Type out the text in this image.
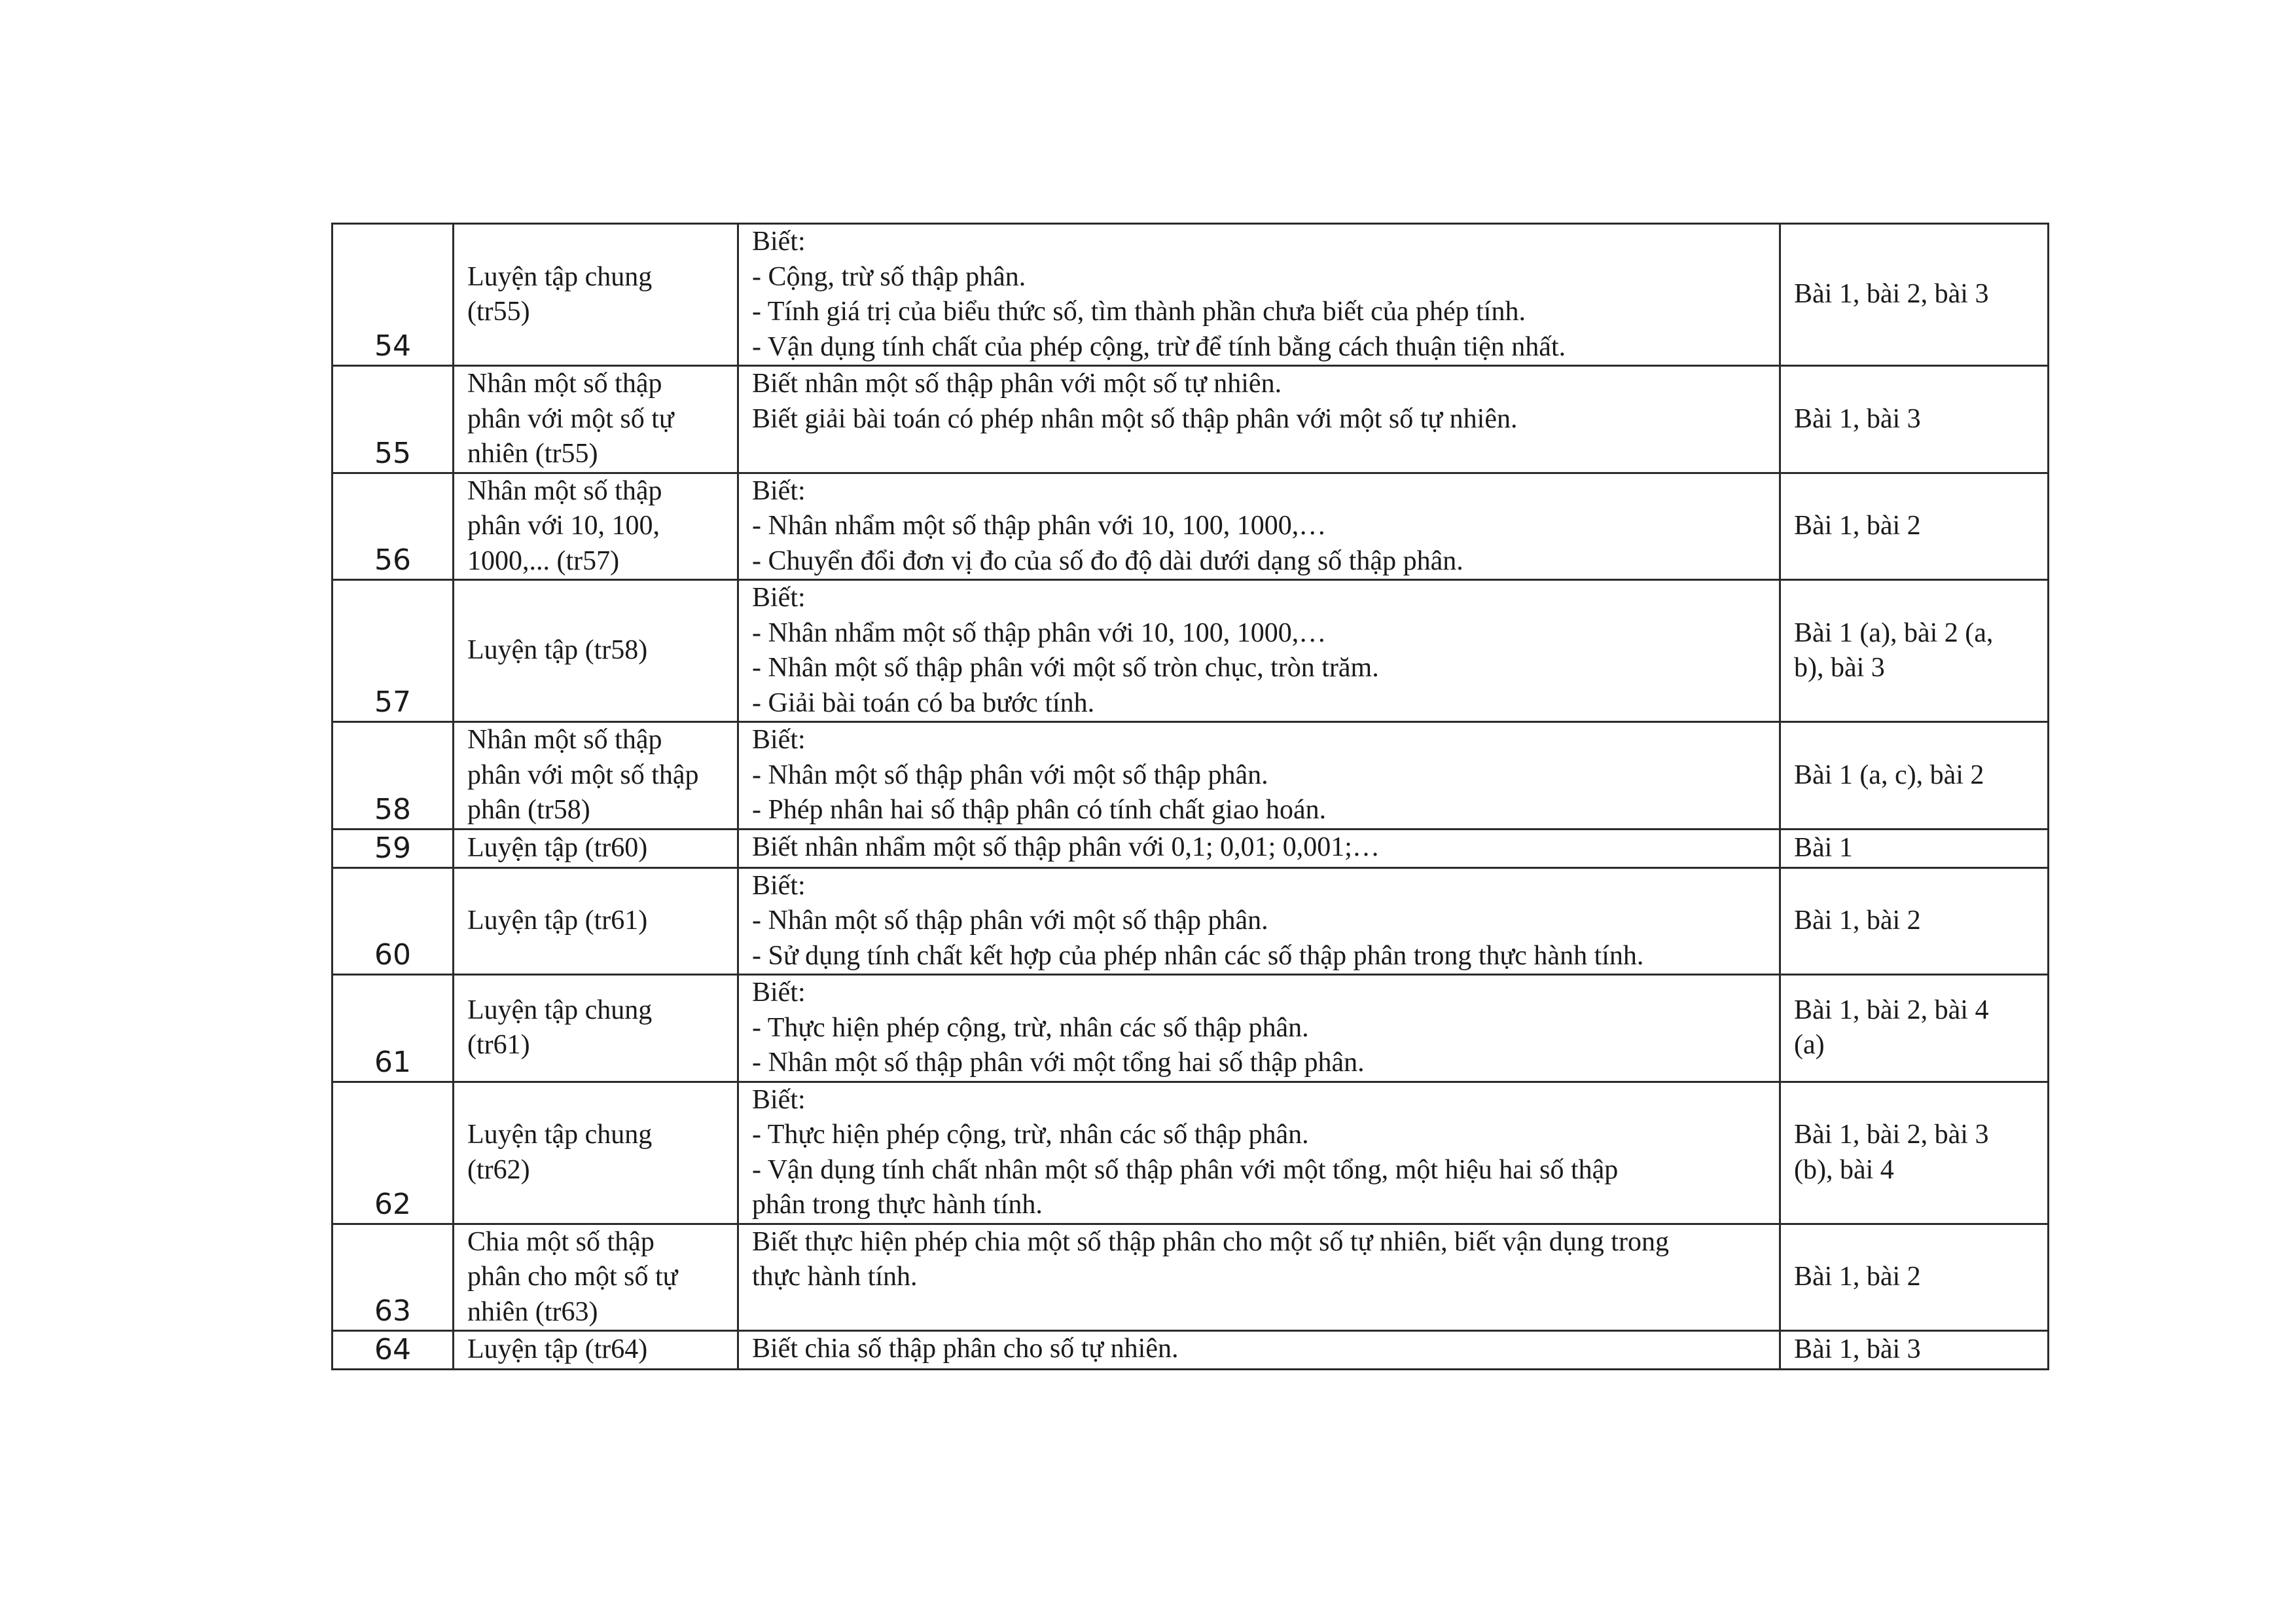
54	Luyện tập chung
(tr55)	Biết:
- Cộng, trừ số thập phân.
- Tính giá trị của biểu thức số, tìm thành phần chưa biết của phép tính.
- Vận dụng tính chất của phép cộng, trừ để tính bằng cách thuận tiện nhất.	Bài 1, bài 2, bài 3

55	Nhân một số thập
phân với một số tự
nhiên (tr55)	Biết nhân một số thập phân với một số tự nhiên.
Biết giải bài toán có phép nhân một số thập phân với một số tự nhiên.	Bài 1, bài 3

56	Nhân một số thập
phân với 10, 100,
1000,... (tr57)	Biết:
- Nhân nhẩm một số thập phân với 10, 100, 1000,…
- Chuyển đổi đơn vị đo của số đo độ dài dưới dạng số thập phân.	Bài 1, bài 2

57	Luyện tập (tr58)	Biết:
- Nhân nhẩm một số thập phân với 10, 100, 1000,…
- Nhân một số thập phân với một số tròn chục, tròn trăm.
- Giải bài toán có ba bước tính.	Bài 1 (a), bài 2 (a,
b), bài 3

58	Nhân một số thập
phân với một số thập
phân (tr58)	Biết:
- Nhân một số thập phân với một số thập phân.
- Phép nhân hai số thập phân có tính chất giao hoán.	Bài 1 (a, c), bài 2

59	Luyện tập (tr60)	Biết nhân nhẩm một số thập phân với 0,1; 0,01; 0,001;…	Bài 1

60	Luyện tập (tr61)	Biết:
- Nhân một số thập phân với một số thập phân.
- Sử dụng tính chất kết hợp của phép nhân các số thập phân trong thực hành tính.	Bài 1, bài 2

61	Luyện tập chung
(tr61)	Biết:
- Thực hiện phép cộng, trừ, nhân các số thập phân.
- Nhân một số thập phân với một tổng hai số thập phân.	Bài 1, bài 2, bài 4
(a)

62	Luyện tập chung
(tr62)	Biết:
- Thực hiện phép cộng, trừ, nhân các số thập phân.
- Vận dụng tính chất nhân một số thập phân với một tổng, một hiệu hai số thập
phân trong thực hành tính.	Bài 1, bài 2, bài 3
(b), bài 4

63	Chia một số thập
phân cho một số tự
nhiên (tr63)	Biết thực hiện phép chia một số thập phân cho một số tự nhiên, biết vận dụng trong
thực hành tính.	Bài 1, bài 2

64	Luyện tập (tr64)	Biết chia số thập phân cho số tự nhiên.	Bài 1, bài 3
